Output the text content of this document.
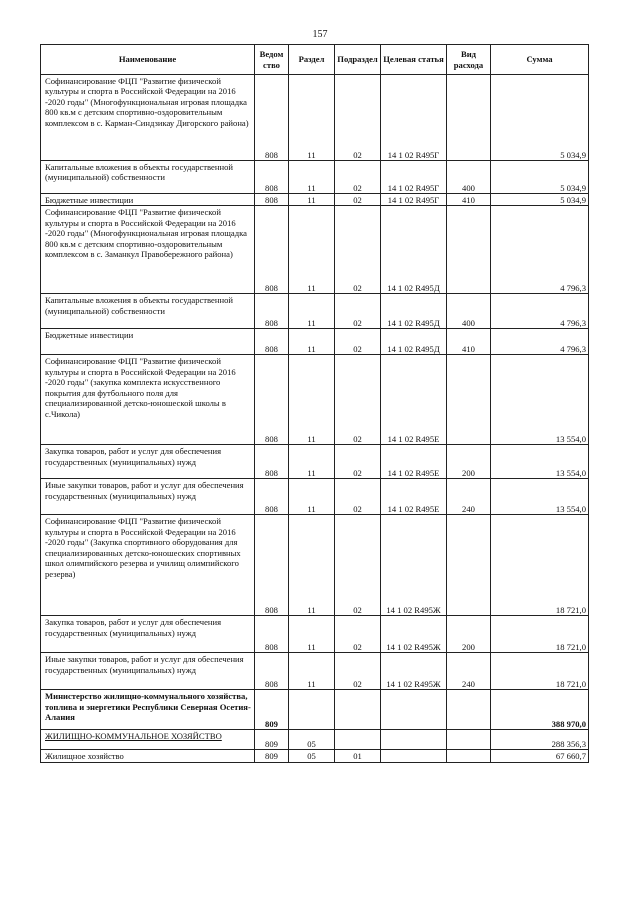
157
Наименование	Ведом ство	Раздел	Подраздел	Целевая статья	Вид расхода	Сумма
Софинансирование ФЦП "Развитие физической культуры и спорта в Российской Федерации на 2016 -2020 годы" (Многофункциональная игровая площадка 800 кв.м с детским спортивно-оздоровительным комплексом в с. Карман-Синдзикау Дигорского района)	808	11	02	14 1 02 R495Г		5 034,9
Капитальные вложения в объекты государственной (муниципальной) собственности	808	11	02	14 1 02 R495Г	400	5 034,9
Бюджетные инвестиции	808	11	02	14 1 02 R495Г	410	5 034,9
Софинансирование ФЦП "Развитие физической культуры и спорта в Российской Федерации на 2016 -2020 годы" (Многофункциональная игровая площадка 800 кв.м с детским спортивно-оздоровительным комплексом в с. Заманкул Правобережного района)	808	11	02	14 1 02 R495Д		4 796,3
Капитальные вложения в объекты государственной (муниципальной) собственности	808	11	02	14 1 02 R495Д	400	4 796,3
Бюджетные инвестиции	808	11	02	14 1 02 R495Д	410	4 796,3
Софинансирование ФЦП "Развитие физической культуры и спорта в Российской Федерации на 2016 -2020 годы" (закупка комплекта искусственного покрытия для футбольного поля для специализированной детско-юношеской школы в с.Чикола)	808	11	02	14 1 02 R495Е		13 554,0
Закупка товаров, работ и услуг для обеспечения государственных (муниципальных) нужд	808	11	02	14 1 02 R495Е	200	13 554,0
Иные закупки товаров, работ и услуг для обеспечения государственных (муниципальных) нужд	808	11	02	14 1 02 R495Е	240	13 554,0
Софинансирование ФЦП "Развитие физической культуры и спорта в Российской Федерации на 2016 -2020 годы" (Закупка спортивного оборудования для специализированных детско-юношеских спортивных школ олимпийского резерва и училищ олимпийского резерва)	808	11	02	14 1 02 R495Ж		18 721,0
Закупка товаров, работ и услуг для обеспечения государственных (муниципальных) нужд	808	11	02	14 1 02 R495Ж	200	18 721,0
Иные закупки товаров, работ и услуг для обеспечения государственных (муниципальных) нужд	808	11	02	14 1 02 R495Ж	240	18 721,0
Министерство жилищно-коммунального хозяйства, топлива и энергетики Республики Северная Осетия-Алания	809					388 970,0
ЖИЛИЩНО-КОММУНАЛЬНОЕ ХОЗЯЙСТВО	809	05				288 356,3
Жилищное хозяйство	809	05	01			67 660,7
